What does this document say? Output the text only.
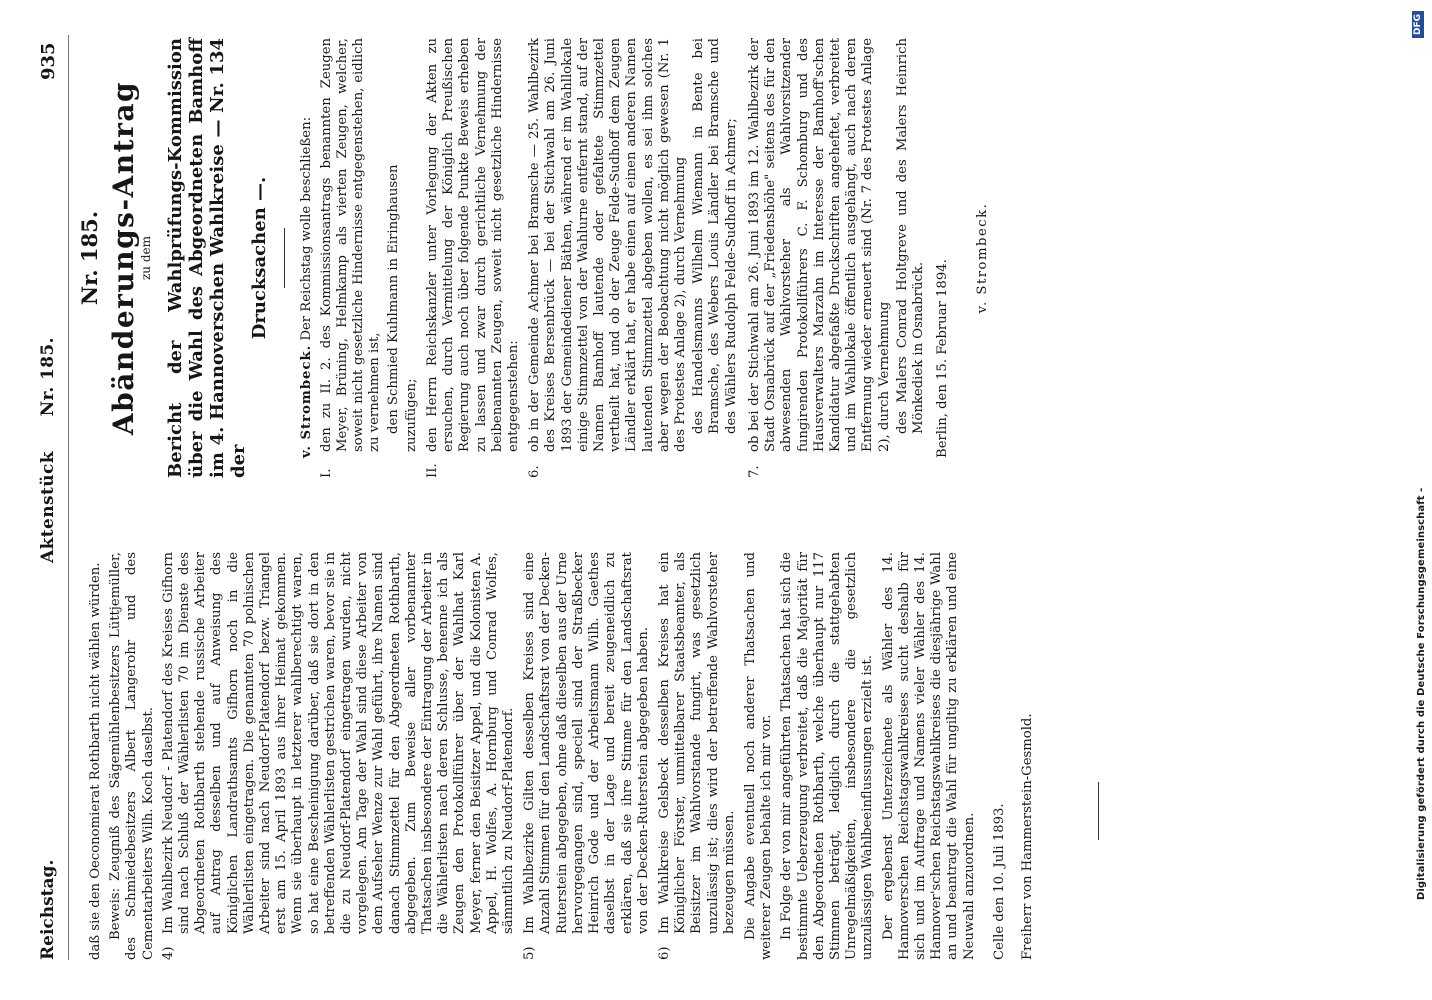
Digitalisierung gefördert durch die Deutsche Forschungsgemeinschaft -
DFG
Reichstag.
Aktenstück  Nr. 185.
935

daß sie den Oeconomierat Rothbarth nicht wählen würden. Beweis: Zeugniß des Sägemühlenbesitzers Lüttjemüller, des Schmiedebesitzers Albert Langerohr und des Cementarbeiters Wilh. Koch daselbst. 4)
Im Wahlbezirk Neudorf - Platendorf des Kreises Gifhorn sind nach Schluß der Wählerlisten 70 im Dienste des Abgeordneten Rothbarth stehende russische Arbeiter auf Antrag desselben und auf Anweisung des Königlichen Landrathsamts Gifhorn noch in die Wählerlisten eingetragen. Die genannten 70 polnischen Arbeiter sind nach Neudorf-Platendorf bezw. Triangel erst am 15. April 1893 aus ihrer Heimat gekommen. Wenn sie überhaupt in letzterer wahlberechtigt waren, so hat eine Bescheinigung darüber, daß sie dort in den betreffenden Wählerlisten gestrichen waren, bevor sie in die zu Neudorf-Platendorf eingetragen wurden, nicht vorgelegen. Am Tage der Wahl sind diese Arbeiter von dem Aufseher Wenze zur Wahl geführt, ihre Namen sind danach Stimmzettel für den Abgeordneten Rothbarth, abgegeben. Zum Beweise aller vorbenannter Thatsachen insbesondere der Eintragung der Arbeiter in die Wählerlisten nach deren Schlusse, benenne ich als Zeugen den Protokollführer über der Wahlhat Karl Meyer, ferner den Beisitzer Appel, und die Kolonisten A. Appel, H. Wolfes, A. Hornburg und Conrad Wolfes, sämmtlich zu Neudorf-Platendorf.
5)
Im Wahlbezirke Gilten desselben Kreises sind eine Anzahl Stimmen für den Landschaftsrat von der Decken-Ruterstein abgegeben, ohne daß dieselben aus der Urne hervorgegangen sind, speciell sind der Straßbecker Heinrich Gode und der Arbeitsmann Wilh. Gaethes daselbst in der Lage und bereit zeugeneidlich zu erklären, daß sie ihre Stimme für den Landschaftsrat von der Decken-Ruterstein abgegeben haben.
6)
Im Wahlkreise Gelsbeck desselben Kreises hat ein Königlicher Förster, unmittelbarer Staatsbeamter, als Beisitzer im Wahlvorstande fungirt, was gesetzlich unzulässig ist; dies wird der betreffende Wahlvorsteher bezeugen müssen. Die Angabe eventuell noch anderer Thatsachen und weiterer Zeugen behalte ich mir vor. In Folge der von mir angeführten Thatsachen hat sich die bestimmte Ueberzeugung verbreitet, daß die Majorität für den Abgeordneten Rothbarth, welche überhaupt nur 117 Stimmen beträgt, lediglich durch die stattgehabten Unregelmäßigkeiten, insbesondere die gesetzlich unzulässigen Wahlbeeinflussungen erzielt ist. Der ergebenst Unterzeichnete als Wähler des 14. Hannoverschen Reichstagswahlkreises sucht deshalb für sich und im Auftrage und Namens vieler Wähler des 14. Hannover'schen Reichstagswahlkreises die diesjährige Wahl an und beantragt die Wahl für ungiltig zu erklären und eine Neuwahl anzuordnen. Celle den 10. Juli 1893. Freiherr von Hammerstein-Gesmold.
Nr. 185. Abänderungs-Antrag zu dem Bericht der Wahlprüfungs-Kommission über die Wahl des Abgeordneten Bamhoff im 4. Hannoverschen Wahlkreise — Nr. 134 der
Drucksachen —.

v. Strombeck. Der Reichstag wolle beschließen:

I.
den zu II. 2. des Kommissionsantrags benannten Zeugen Meyer, Brüning, Helmkamp als vierten Zeugen, welcher, soweit nicht gesetzliche Hindernisse entgegenstehen, eidlich zu vernehmen ist, den Schmied Kuhlmann in Eiringhausen zuzufügen;
II.
den Herrn Reichskanzler unter Vorlegung der Akten zu ersuchen, durch Vermittelung der Königlich Preußischen Regierung auch noch über folgende Punkte Beweis erheben zu lassen und zwar durch gerichtliche Vernehmung der beibenannten Zeugen, soweit nicht gesetzliche Hindernisse entgegenstehen:
6.
ob in der Gemeinde Achmer bei Bramsche — 25. Wahlbezirk des Kreises Bersenbrück — bei der Stichwahl am 26. Juni 1893 der Gemeindediener Bäthen, während er im Wahllokale einige Stimmzettel von der Wahlurne entfernt stand, auf der Namen Bamhoff lautende oder gefaltete Stimmzettel vertheilt hat, und ob der Zeuge Felde-Sudhoff dem Zeugen Ländler erklärt hat, er habe einen auf einen anderen Namen lautenden Stimmzettel abgeben wollen, es sei ihm solches aber wegen der Beobachtung nicht möglich gewesen (Nr. 1 des Protestes Anlage 2), durch Vernehmung des Handelsmanns Wilhelm Wiemann in Bente bei Bramsche, des Webers Louis Ländler bei Bramsche und des Wählers Rudolph Felde-Sudhoff in Achmer;
7.
ob bei der Stichwahl am 26. Juni 1893 im 12. Wahlbezirk der Stadt Osnabrück auf der „Friedenshöhe" seitens des für den abwesenden Wahlvorsteher als Wahlvorsitzender fungirenden Protokollführers C. F. Schomburg und des Hausverwalters Marzahn im Interesse der Bamhoff'schen Kandidatur abgefaßte Druckschriften angeheftet, verbreitet und im Wahllokale öffentlich ausgehängt, auch nach deren Entfernung wieder erneuert sind (Nr. 7 des Protestes Anlage 2), durch Vernehmung des Malers Conrad Holtgreve und des Malers Heinrich Mönkediek in Osnabrück. Berlin, den 15. Februar 1894.
v. Strombeck.
